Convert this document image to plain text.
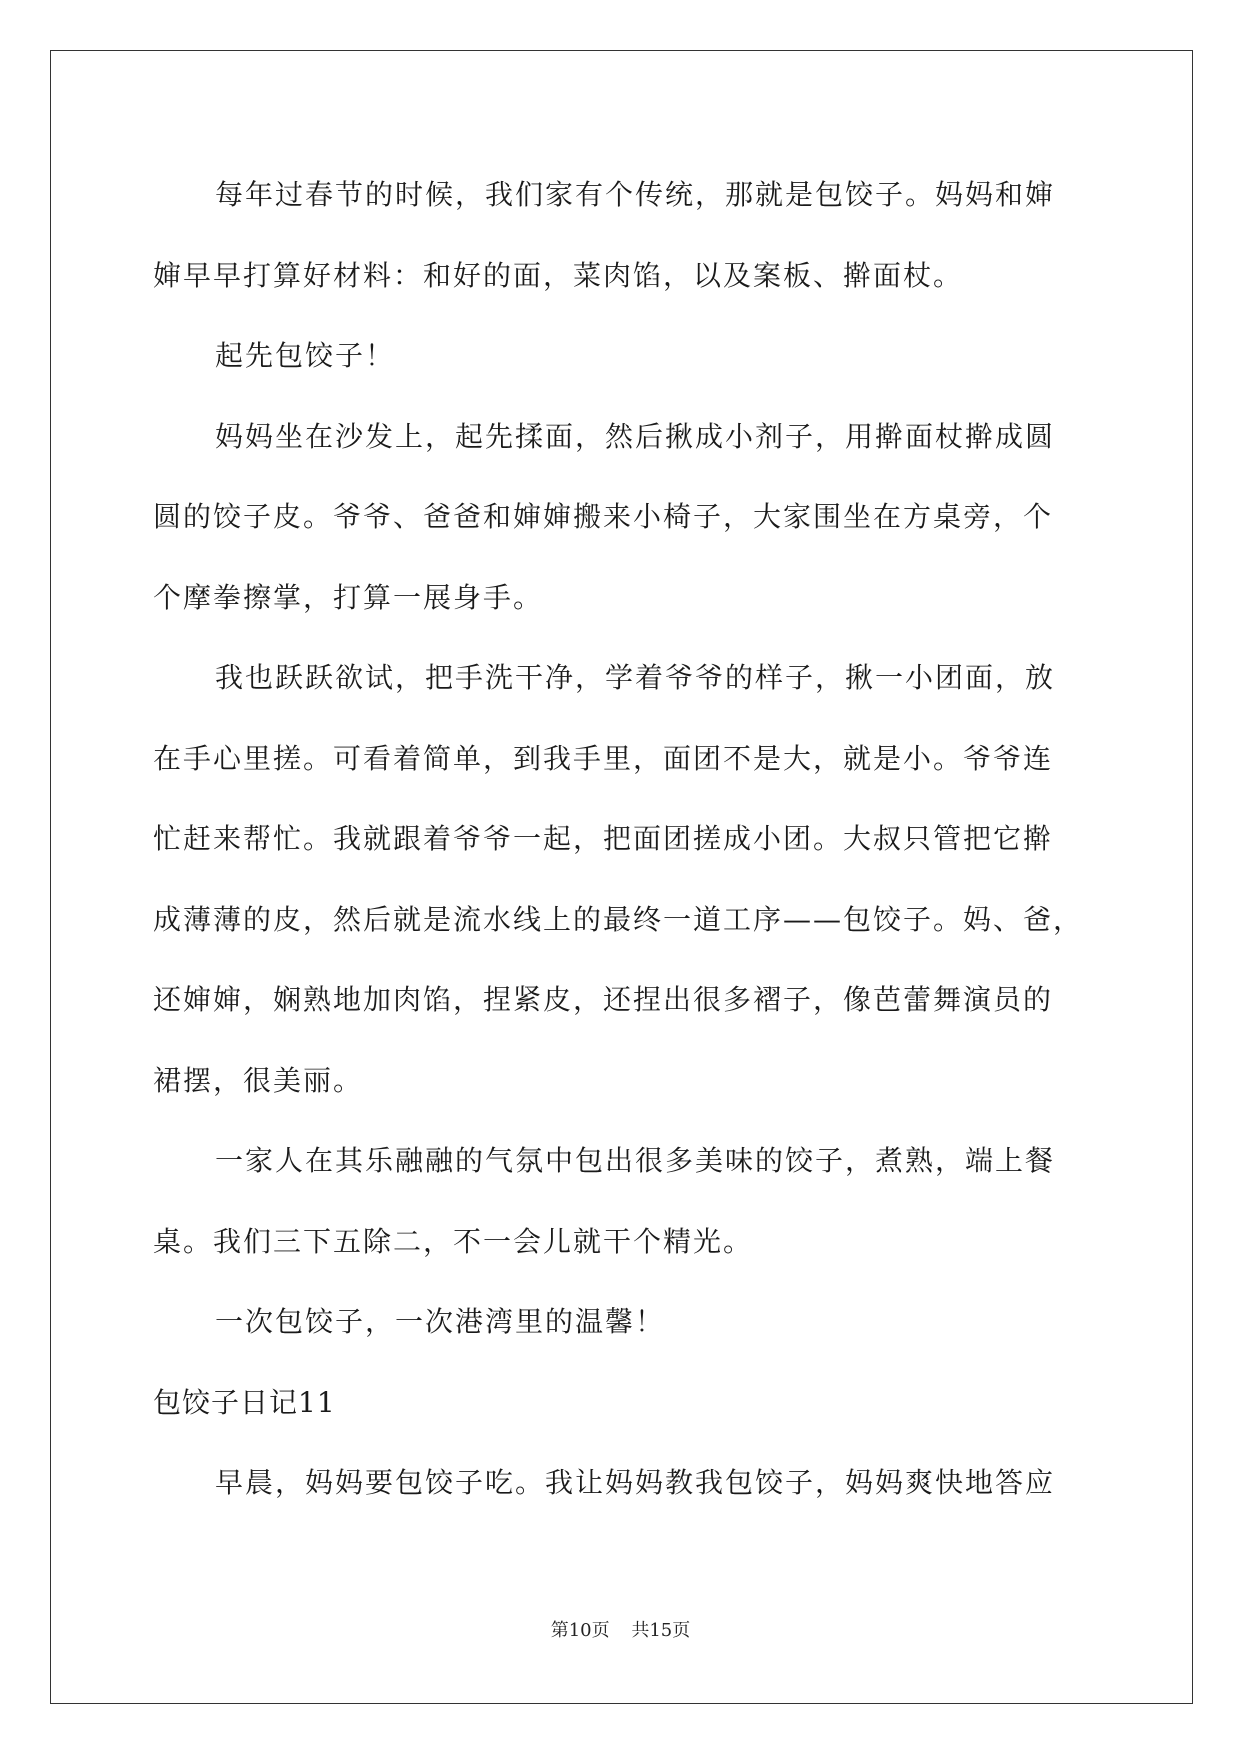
每年过春节的时候，我们家有个传统，那就是包饺子。妈妈和婶
婶早早打算好材料：和好的面，菜肉馅，以及案板、擀面杖。
起先包饺子！
妈妈坐在沙发上，起先揉面，然后揪成小剂子，用擀面杖擀成圆
圆的饺子皮。爷爷、爸爸和婶婶搬来小椅子，大家围坐在方桌旁，个
个摩拳擦掌，打算一展身手。
我也跃跃欲试，把手洗干净，学着爷爷的样子，揪一小团面，放
在手心里搓。可看着简单，到我手里，面团不是大，就是小。爷爷连
忙赶来帮忙。我就跟着爷爷一起，把面团搓成小团。大叔只管把它擀
成薄薄的皮，然后就是流水线上的最终一道工序——包饺子。妈、爸，
还婶婶，娴熟地加肉馅，捏紧皮，还捏出很多褶子，像芭蕾舞演员的
裙摆，很美丽。
一家人在其乐融融的气氛中包出很多美味的饺子，煮熟，端上餐
桌。我们三下五除二，不一会儿就干个精光。
一次包饺子，一次港湾里的温馨！
包饺子日记11
早晨，妈妈要包饺子吃。我让妈妈教我包饺子，妈妈爽快地答应
第10页 共15页
